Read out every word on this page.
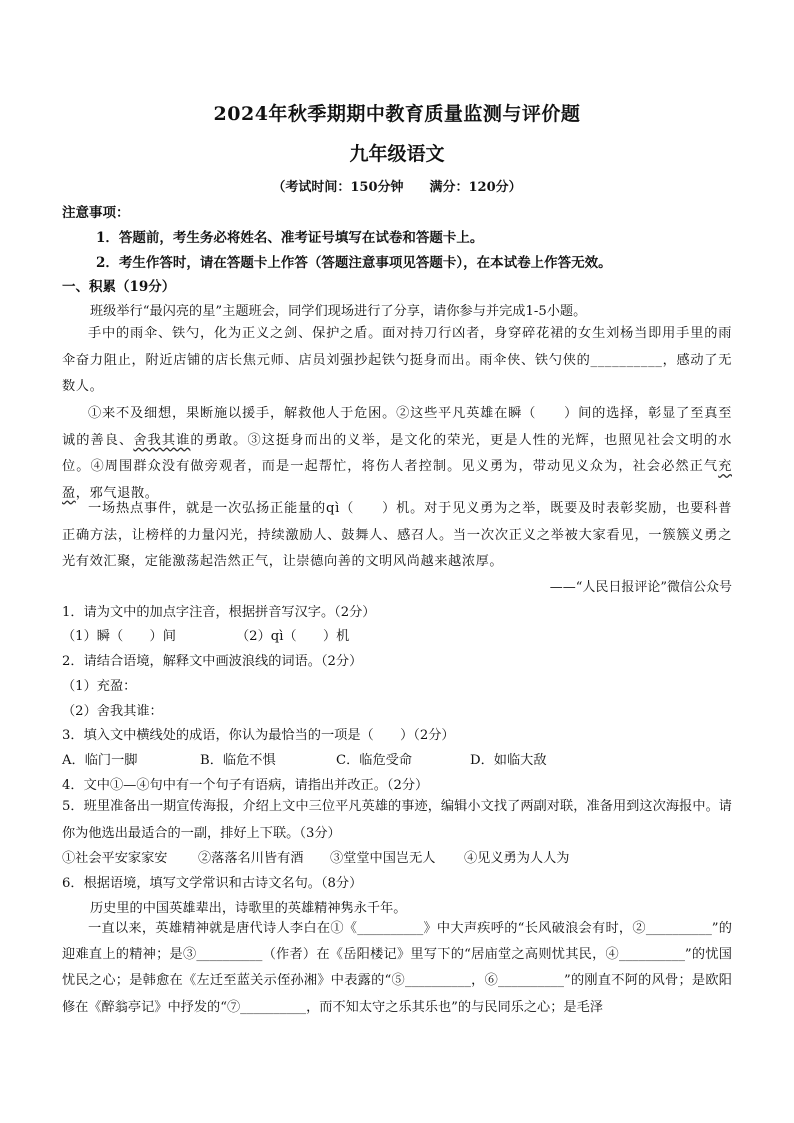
2024年秋季期期中教育质量监测与评价题
九年级语文
（考试时间：150分钟　　满分：120分）
注意事项：
1．答题前，考生务必将姓名、准考证号填写在试卷和答题卡上。
2．考生作答时，请在答题卡上作答（答题注意事项见答题卡），在本试卷上作答无效。
一、积累（19分）
班级举行“最闪亮的星”主题班会，同学们现场进行了分享，请你参与并完成1-5小题。
手中的雨伞、铁勺，化为正义之剑、保护之盾。面对持刀行凶者，身穿碎花裙的女生刘杨当即用手里的雨伞奋力阻止，附近店铺的店长焦元师、店员刘强抄起铁勺挺身而出。雨伞侠、铁勺侠的__________，感动了无数人。
①来不及细想，果断施以援手，解救他人于危困。②这些平凡英雄在瞬（　　）间的选择，彰显了至真至诚的善良、舍我其谁的勇敢。③这挺身而出的义举，是文化的荣光，更是人性的光辉，也照见社会文明的水位。④周围群众没有做旁观者，而是一起帮忙，将伤人者控制。见义勇为，带动见义众为，社会必然正气充盈，邪气退散。
一场热点事件，就是一次弘扬正能量的qì（　　）机。对于见义勇为之举，既要及时表彰奖励，也要科普正确方法，让榜样的力量闪光，持续激励人、鼓舞人、感召人。当一次次正义之举被大家看见，一簇簇义勇之光有效汇聚，定能激荡起浩然正气，让崇德向善的文明风尚越来越浓厚。
——“人民日报评论”微信公众号
1．请为文中的加点字注音，根据拼音写汉字。（2分）
（1）瞬（　　）间	（2）qì（　　）机
2．请结合语境，解释文中画波浪线的词语。（2分）
（1）充盈：
（2）舍我其谁：
3．填入文中横线处的成语，你认为最恰当的一项是（　　）（2分）
A．临门一脚	B．临危不惧	C．临危受命	D．如临大敌
4．文中①—④句中有一个句子有语病，请指出并改正。（2分）
5．班里准备出一期宣传海报，介绍上文中三位平凡英雄的事迹，编辑小文找了两副对联，准备用到这次海报中。请你为他选出最适合的一副，排好上下联。（3分）
①社会平安家家安 ②落落名川皆有酒 ③堂堂中国岂无人 ④见义勇为人人为
6．根据语境，填写文学常识和古诗文名句。（8分）
历史里的中国英雄辈出，诗歌里的英雄精神隽永千年。
一直以来，英雄精神就是唐代诗人李白在①《__________》中大声疾呼的“长风破浪会有时，②__________”的迎难直上的精神；是③__________（作者）在《岳阳楼记》里写下的“居庙堂之高则忧其民，④__________”的忧国忧民之心；是韩愈在《左迁至蓝关示侄孙湘》中表露的“⑤__________，⑥__________”的刚直不阿的风骨；是欧阳修在《醉翁亭记》中抒发的“⑦__________，而不知太守之乐其乐也”的与民同乐之心；是毛泽
